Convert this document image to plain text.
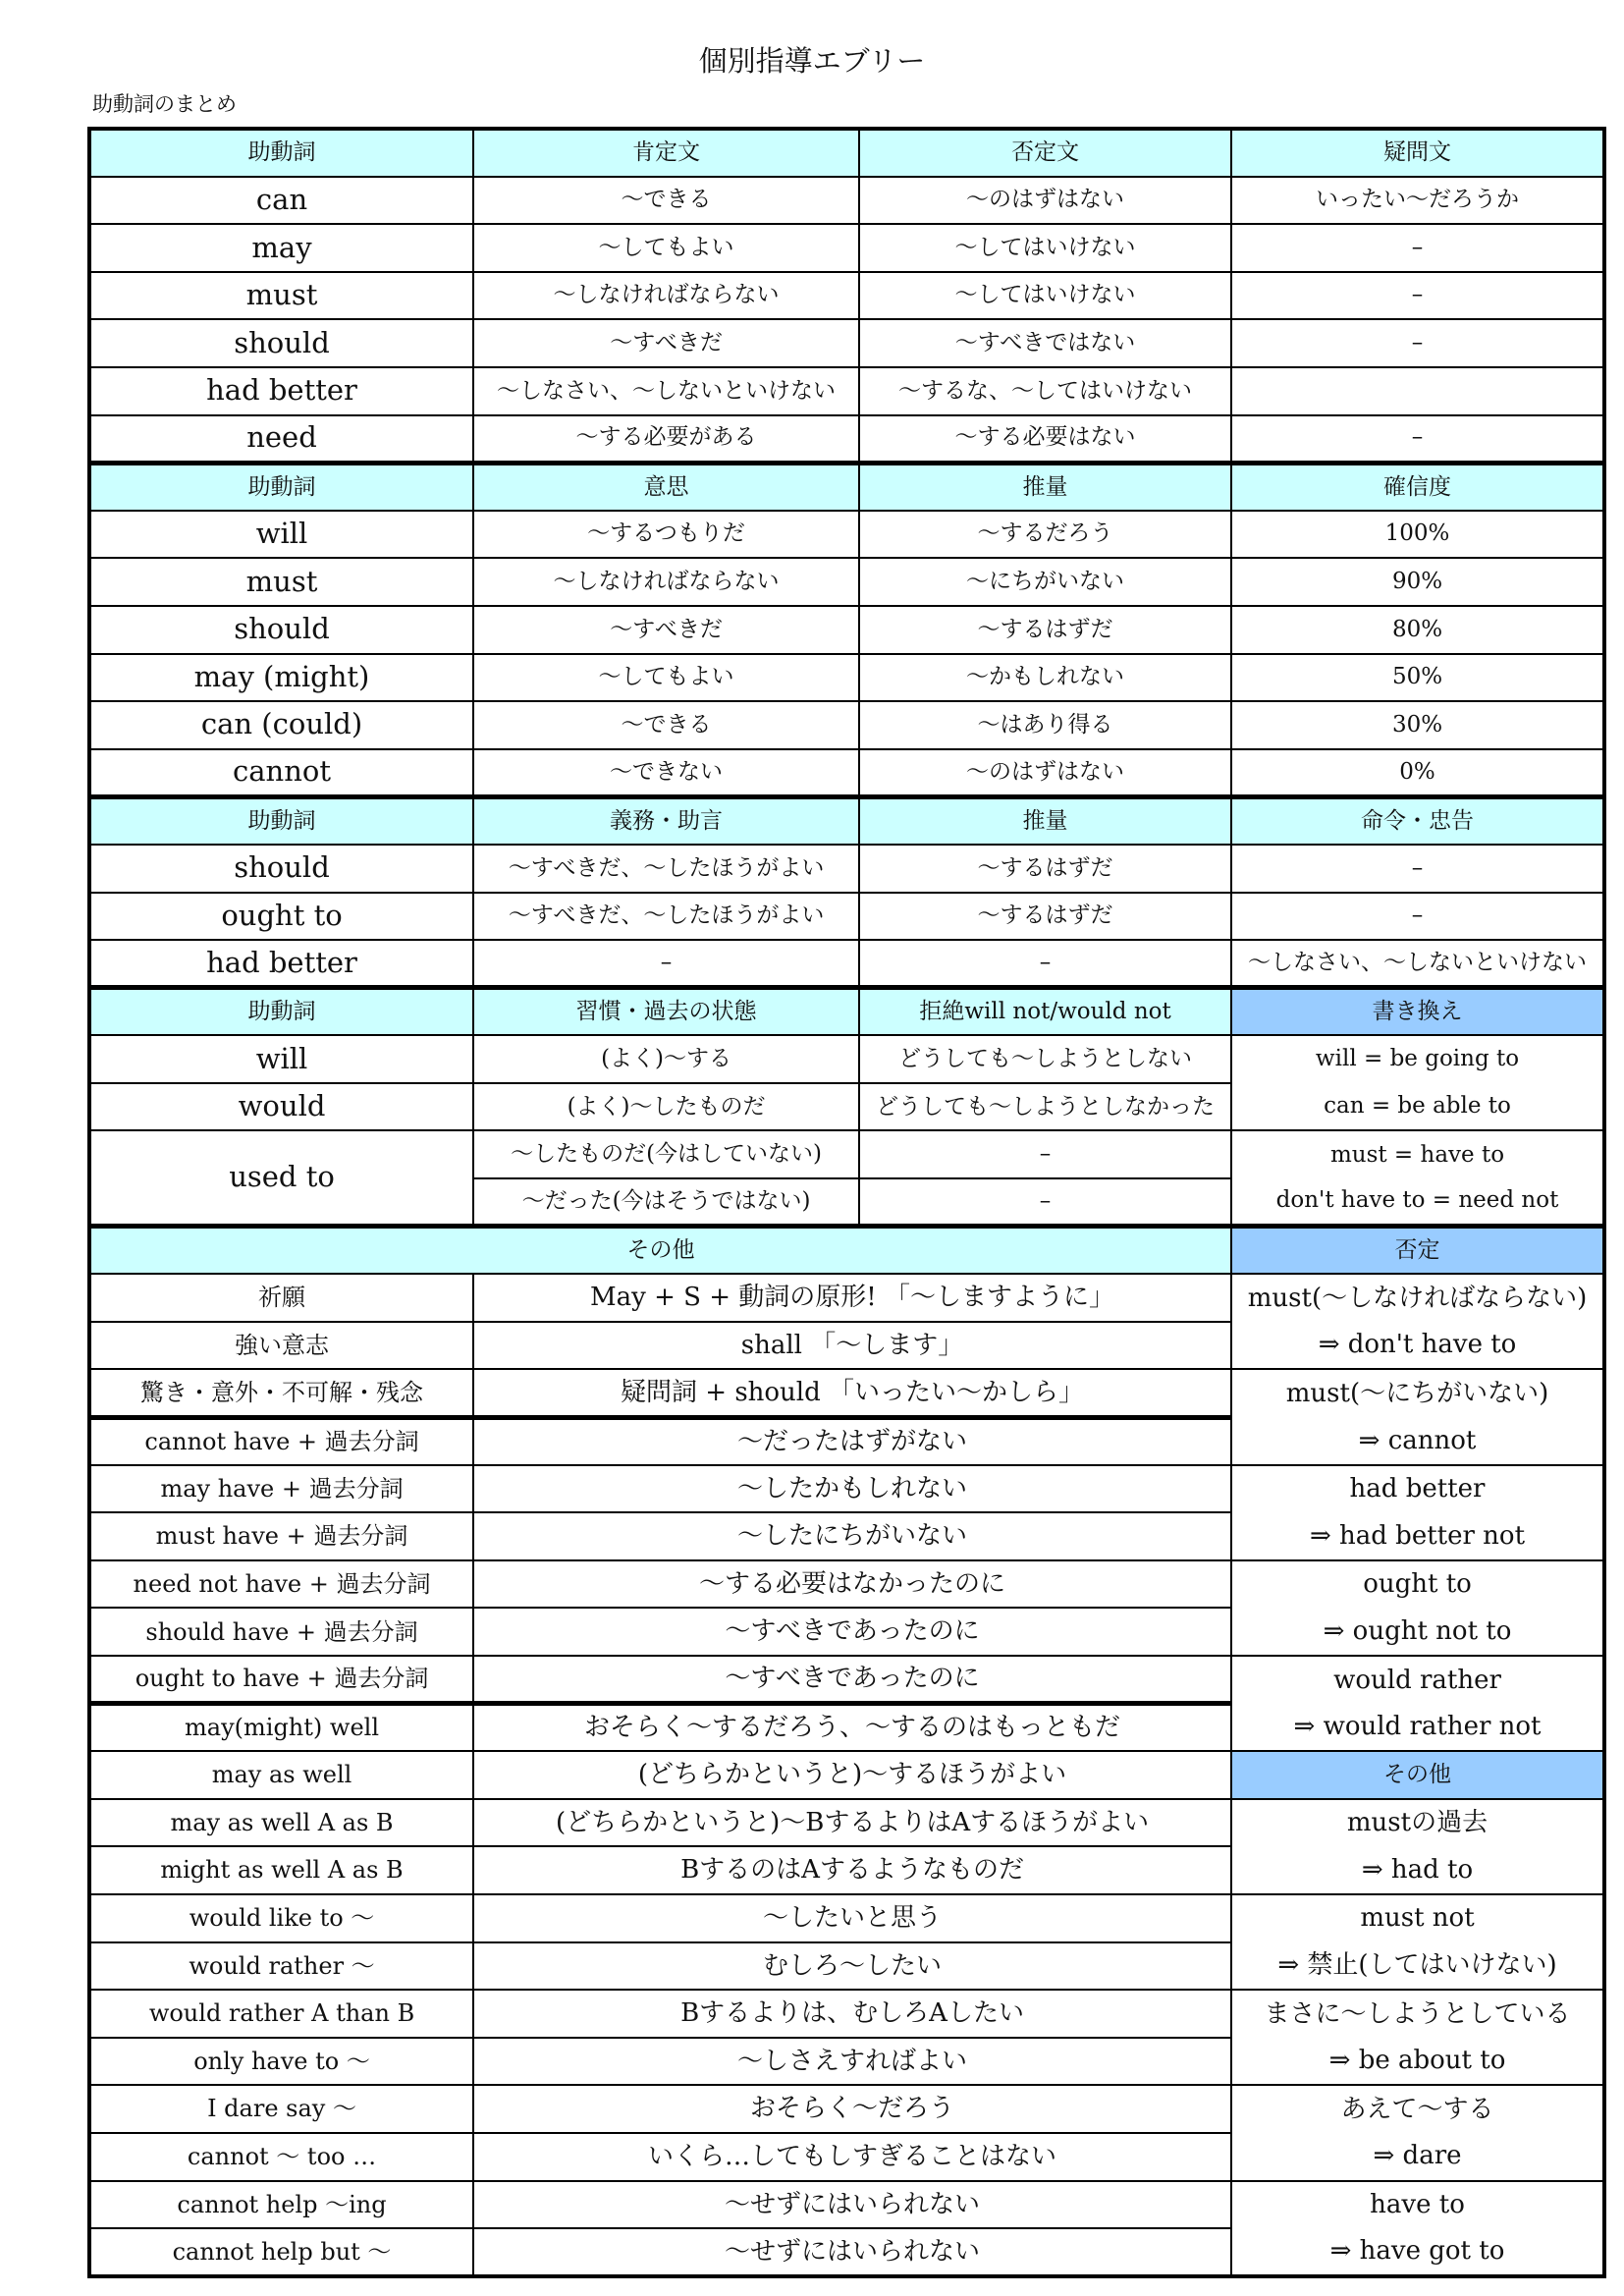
個別指導エブリー
助動詞のまとめ
助動詞	肯定文	否定文	疑問文
can	〜できる	〜のはずはない	いったい〜だろうか
may	〜してもよい	〜してはいけない	–
must	〜しなければならない	〜してはいけない	–
should	〜すべきだ	〜すべきではない	–
had better	〜しなさい、〜しないといけない	〜するな、〜してはいけない	
need	〜する必要がある	〜する必要はない	–
助動詞	意思	推量	確信度
will	〜するつもりだ	〜するだろう	100%
must	〜しなければならない	〜にちがいない	90%
should	〜すべきだ	〜するはずだ	80%
may (might)	〜してもよい	〜かもしれない	50%
can (could)	〜できる	〜はあり得る	30%
cannot	〜できない	〜のはずはない	0%
助動詞	義務・助言	推量	命令・忠告
should	〜すべきだ、〜したほうがよい	〜するはずだ	–
ought to	〜すべきだ、〜したほうがよい	〜するはずだ	–
had better	–	–	〜しなさい、〜しないといけない
助動詞	習慣・過去の状態	拒絶will not/would not	書き換え
will	(よく)〜する	どうしても〜しようとしない	will = be going to
would	(よく)〜したものだ	どうしても〜しようとしなかった	can = be able to
used to	〜したものだ(今はしていない)	–	must = have to
	〜だった(今はそうではない)	–	don't have to = need not
その他			否定
祈願	May + S + 動詞の原形! 「〜しますように」		must(〜しなければならない)
強い意志	shall 「〜します」		⇒ don't have to
驚き・意外・不可解・残念	疑問詞 + should 「いったい〜かしら」		must(〜にちがいない)
cannot have + 過去分詞	〜だったはずがない		⇒ cannot
may have + 過去分詞	〜したかもしれない		had better
must have + 過去分詞	〜したにちがいない		⇒ had better not
need not have + 過去分詞	〜する必要はなかったのに		ought to
should have + 過去分詞	〜すべきであったのに		⇒ ought not to
ought to have + 過去分詞	〜すべきであったのに		would rather
may(might) well	おそらく〜するだろう、〜するのはもっともだ		⇒ would rather not
may as well	(どちらかというと)〜するほうがよい		その他
may as well A as B	(どちらかというと)〜BするよりはAするほうがよい		mustの過去
might as well A as B	BするのはAするようなものだ		⇒ had to
would like to 〜	〜したいと思う		must not
would rather 〜	むしろ〜したい		⇒ 禁止(してはいけない)
would rather A than B	Bするよりは、むしろAしたい		まさに〜しようとしている
only have to 〜	〜しさえすればよい		⇒ be about to
I dare say 〜	おそらく〜だろう		あえて〜する
cannot 〜 too …	いくら…してもしすぎることはない		⇒ dare
cannot help 〜ing	〜せずにはいられない		have to
cannot help but 〜	〜せずにはいられない		⇒ have got to
